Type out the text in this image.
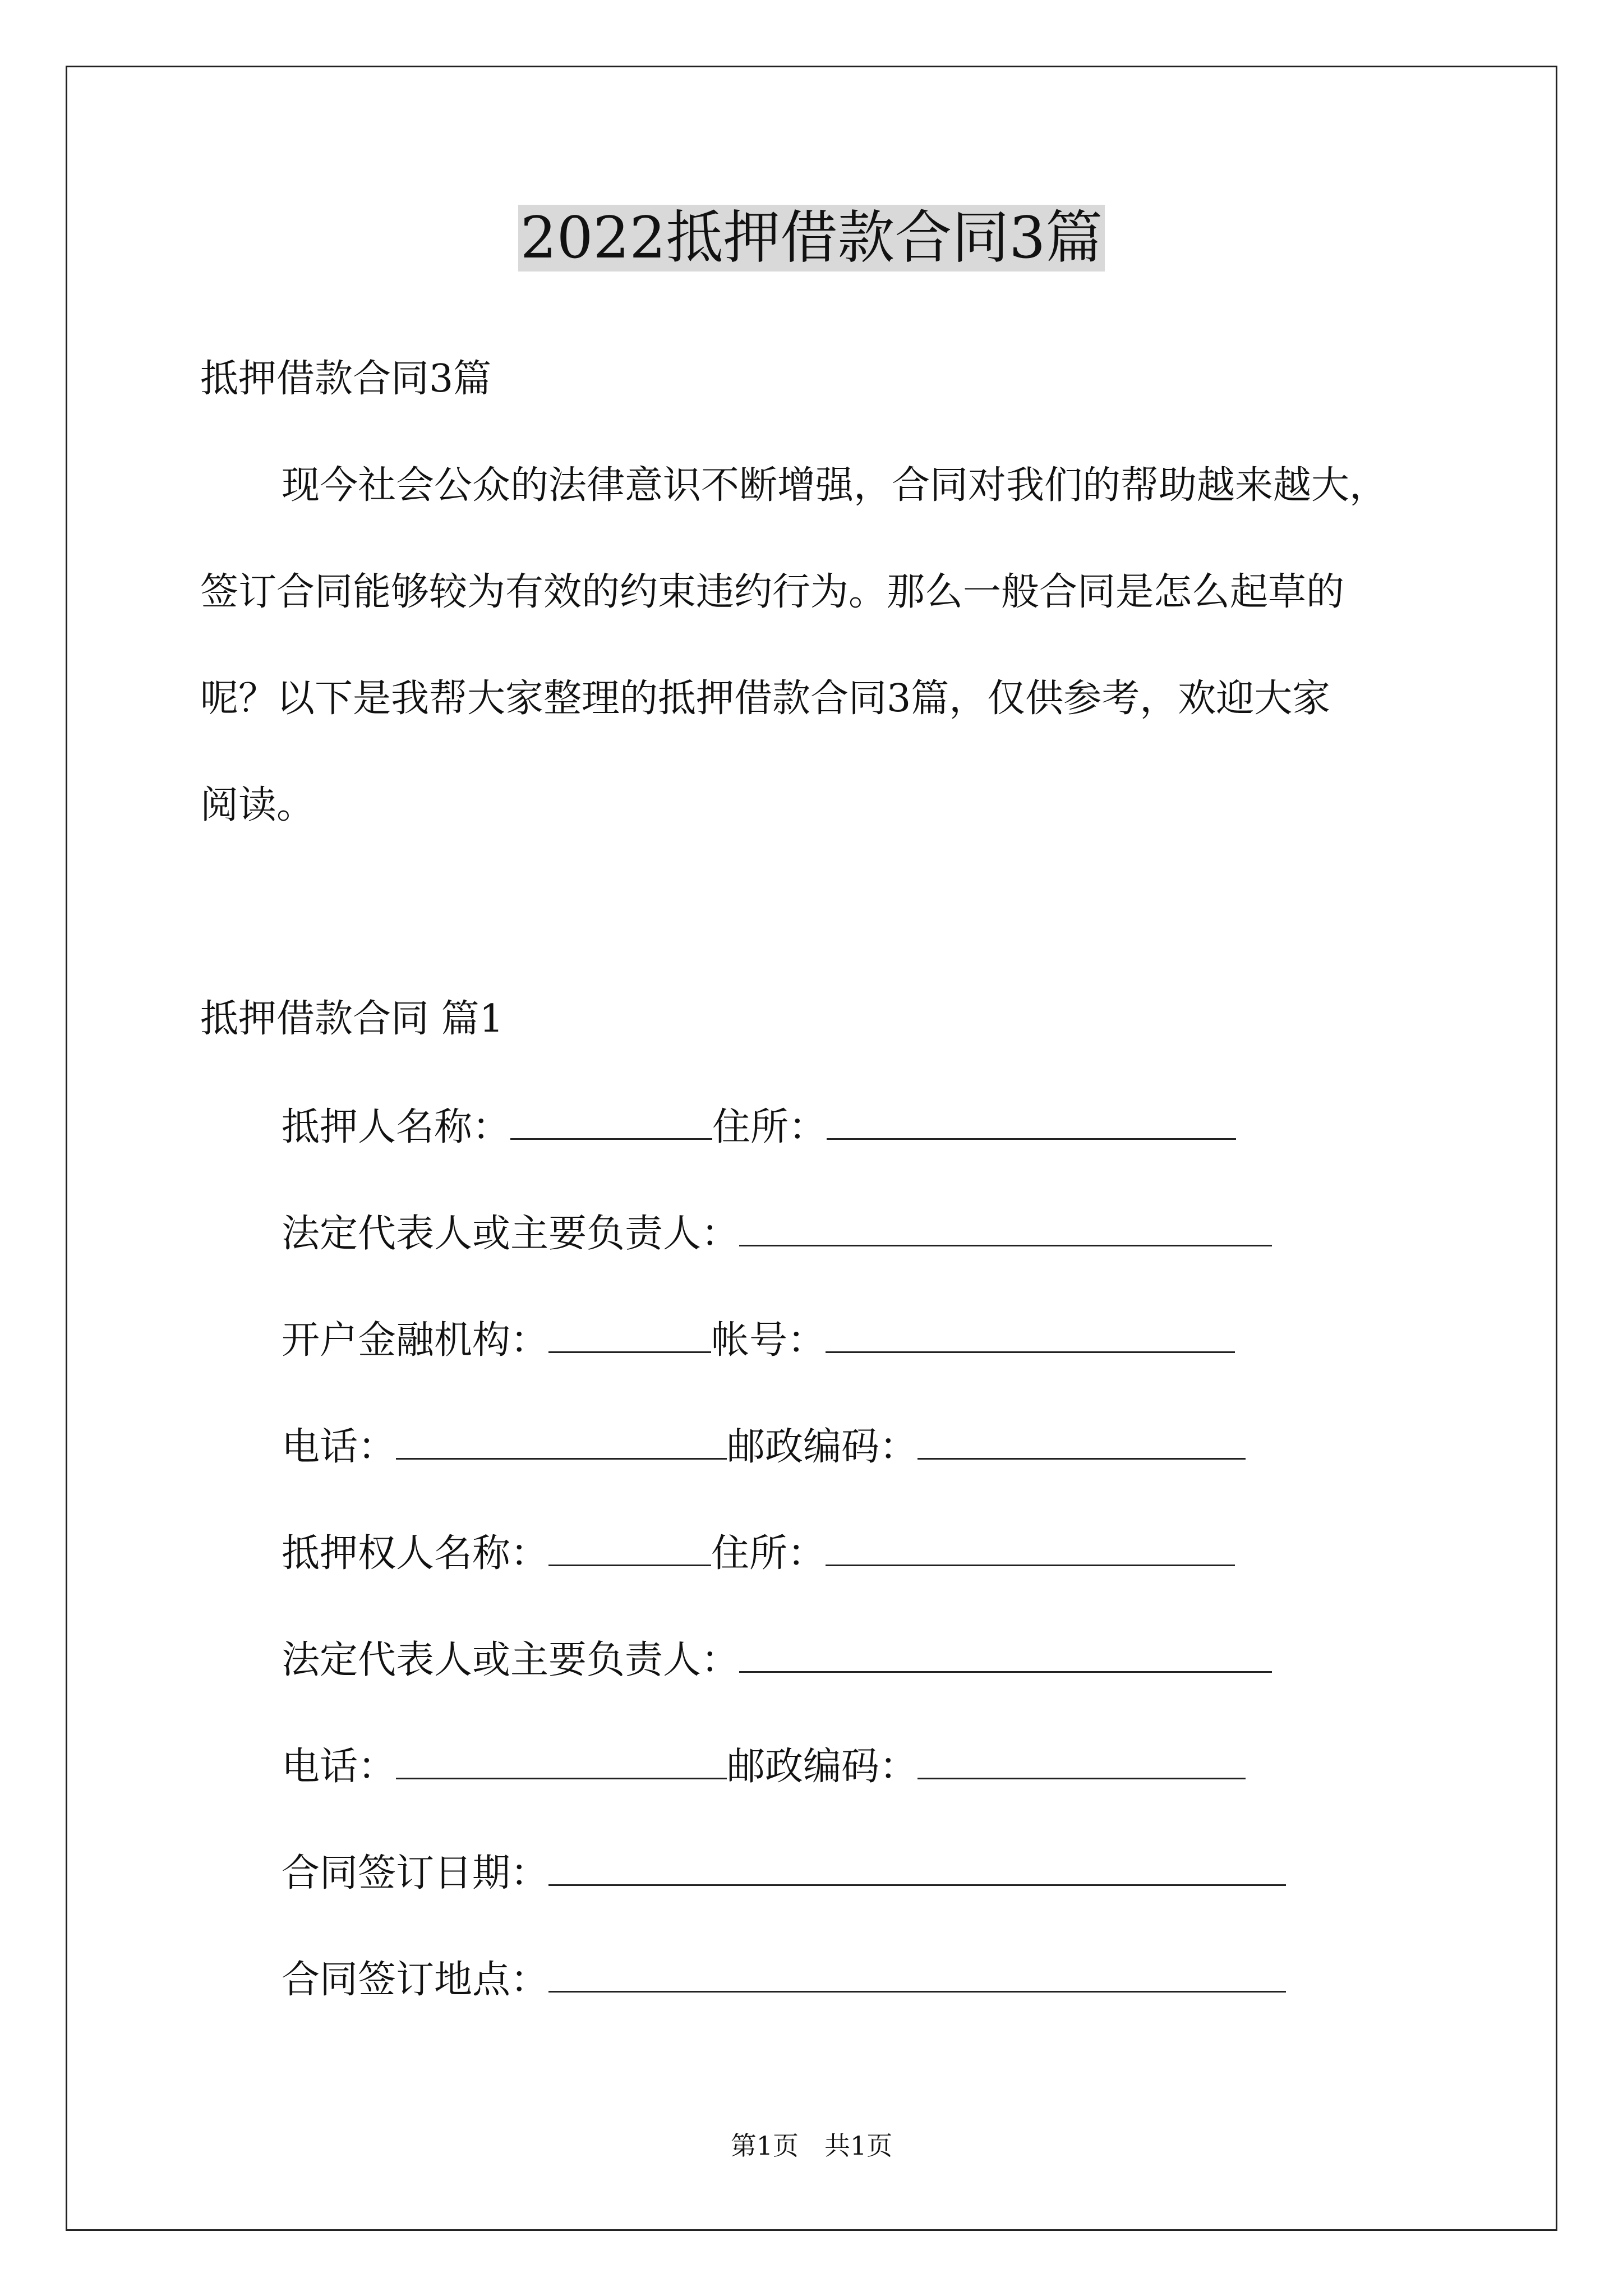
2022抵押借款合同3篇
抵押借款合同3篇
现今社会公众的法律意识不断增强，合同对我们的帮助越来越大，
签订合同能够较为有效的约束违约行为。那么一般合同是怎么起草的
呢？以下是我帮大家整理的抵押借款合同3篇，仅供参考，欢迎大家
阅读。
抵押借款合同 篇1
抵押人名称：	住所：
法定代表人或主要负责人：
开户金融机构：	帐号：
电话：	邮政编码：
抵押权人名称：	住所：
法定代表人或主要负责人：
电话：	邮政编码：
合同签订日期：
合同签订地点：
第1页　共1页
